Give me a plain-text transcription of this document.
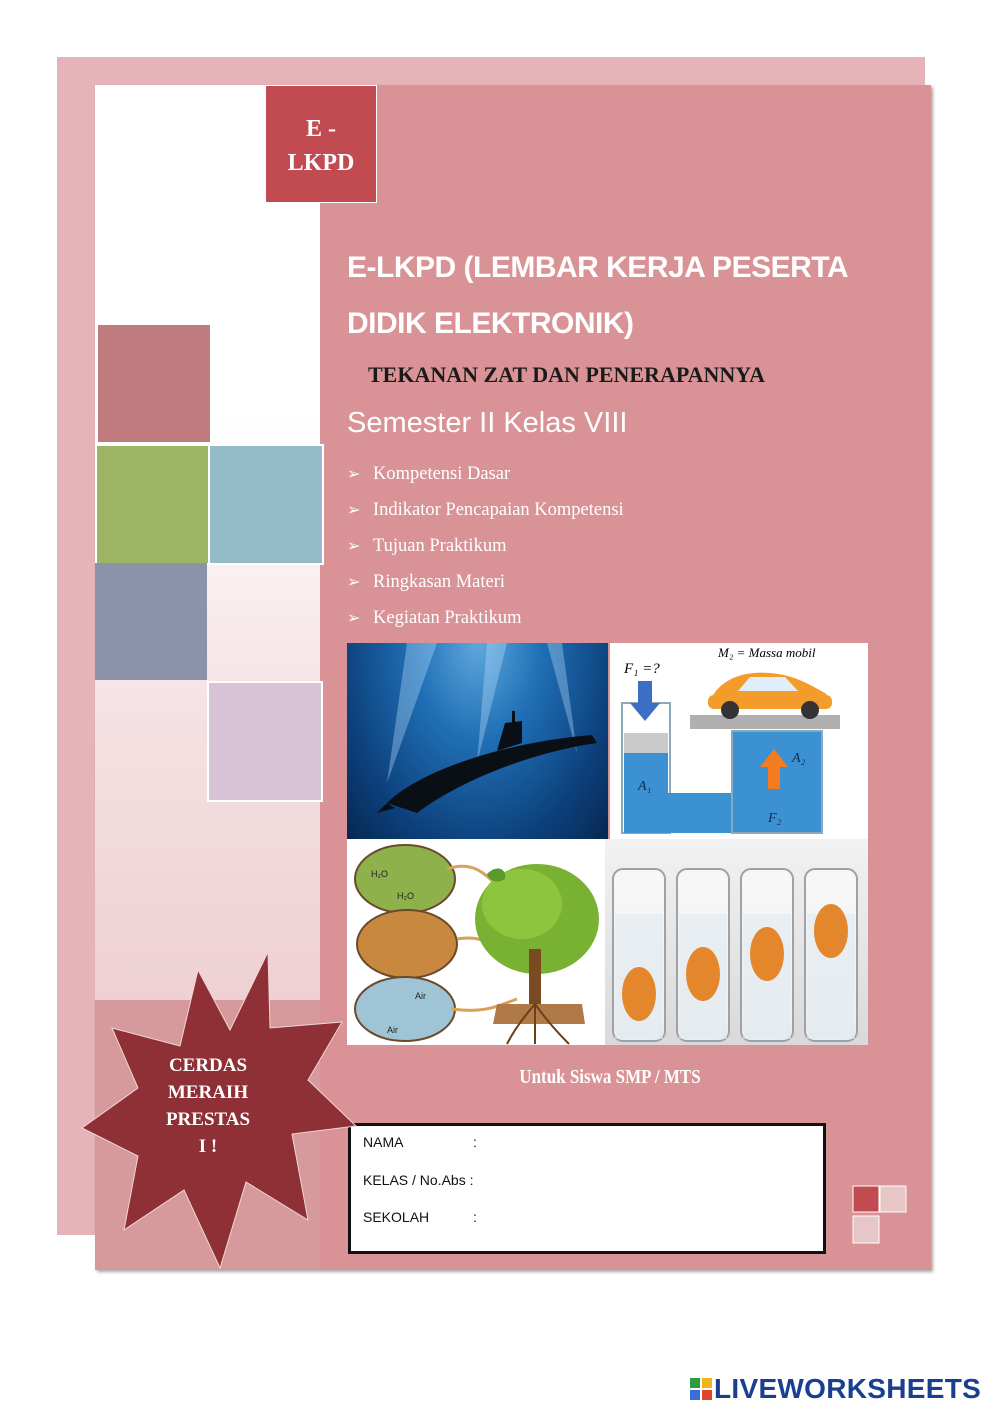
E -
LKPD
E-LKPD (LEMBAR KERJA PESERTA
DIDIK ELEKTRONIK)
TEKANAN ZAT DAN PENERAPANNYA
Semester II Kelas VIII
➢ Kompetensi Dasar
➢ Indikator Pencapaian Kompetensi
➢ Tujuan Praktikum
➢ Ringkasan Materi
➢ Kegiatan Praktikum
M₂ = Massa mobil
F₁ =?
A₁
A₂
F₂
H₂O
H₂O
Air
Air
Untuk Siswa SMP / MTS
NAMA	:
KELAS / No.Abs :
SEKOLAH	:
CERDAS
MERAIH
PRESTAS
I !
LIVEWORKSHEETS
